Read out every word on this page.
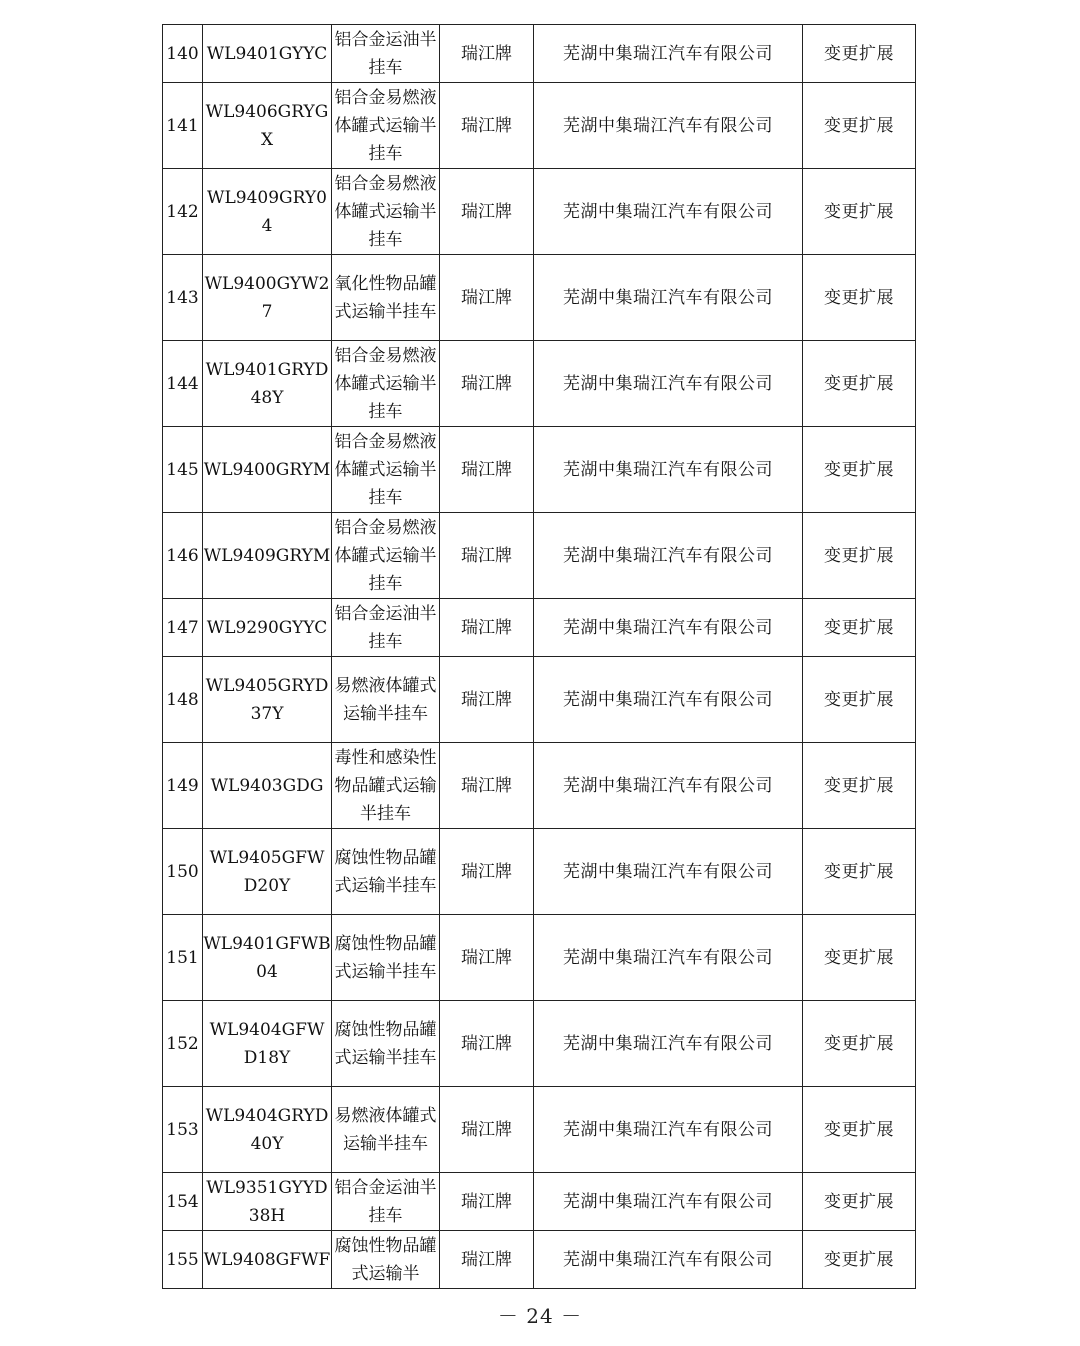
140	WL9401GYYC	铝合金运油半挂车	瑞江牌	芜湖中集瑞江汽车有限公司	变更扩展
141	WL9406GRYGX	铝合金易燃液体罐式运输半挂车	瑞江牌	芜湖中集瑞江汽车有限公司	变更扩展
142	WL9409GRY04	铝合金易燃液体罐式运输半挂车	瑞江牌	芜湖中集瑞江汽车有限公司	变更扩展
143	WL9400GYW27	氧化性物品罐式运输半挂车	瑞江牌	芜湖中集瑞江汽车有限公司	变更扩展
144	WL9401GRYD48Y	铝合金易燃液体罐式运输半挂车	瑞江牌	芜湖中集瑞江汽车有限公司	变更扩展
145	WL9400GRYM	铝合金易燃液体罐式运输半挂车	瑞江牌	芜湖中集瑞江汽车有限公司	变更扩展
146	WL9409GRYM	铝合金易燃液体罐式运输半挂车	瑞江牌	芜湖中集瑞江汽车有限公司	变更扩展
147	WL9290GYYC	铝合金运油半挂车	瑞江牌	芜湖中集瑞江汽车有限公司	变更扩展
148	WL9405GRYD37Y	易燃液体罐式运输半挂车	瑞江牌	芜湖中集瑞江汽车有限公司	变更扩展
149	WL9403GDG	毒性和感染性物品罐式运输半挂车	瑞江牌	芜湖中集瑞江汽车有限公司	变更扩展
150	WL9405GFWD20Y	腐蚀性物品罐式运输半挂车	瑞江牌	芜湖中集瑞江汽车有限公司	变更扩展
151	WL9401GFWB04	腐蚀性物品罐式运输半挂车	瑞江牌	芜湖中集瑞江汽车有限公司	变更扩展
152	WL9404GFWD18Y	腐蚀性物品罐式运输半挂车	瑞江牌	芜湖中集瑞江汽车有限公司	变更扩展
153	WL9404GRYD40Y	易燃液体罐式运输半挂车	瑞江牌	芜湖中集瑞江汽车有限公司	变更扩展
154	WL9351GYYD38H	铝合金运油半挂车	瑞江牌	芜湖中集瑞江汽车有限公司	变更扩展
155	WL9408GFWF	腐蚀性物品罐式运输半	瑞江牌	芜湖中集瑞江汽车有限公司	变更扩展
－ 24 －
